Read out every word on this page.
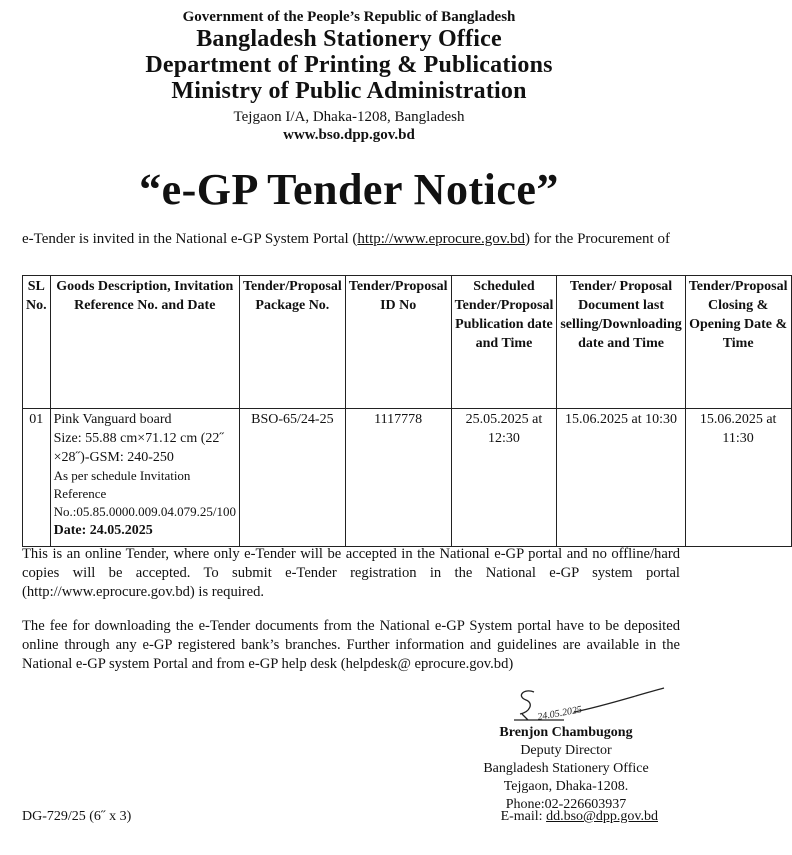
Government of the People’s Republic of Bangladesh
Bangladesh Stationery Office
Department of Printing & Publications
Ministry of Public Administration
Tejgaon I/A, Dhaka-1208, Bangladesh
www.bso.dpp.gov.bd
“e-GP Tender Notice”
e-Tender is invited in the National e-GP System Portal (http://www.eprocure.gov.bd) for the Procurement of
SL No.	Goods Description, Invitation Reference No. and Date	Tender/Proposal Package No.	Tender/Proposal ID No	Scheduled Tender/Proposal Publication date and Time	Tender/ Proposal Document last selling/Downloading date and Time	Tender/Proposal Closing & Opening Date & Time
01	Pink Vanguard board
Size: 55.88 cm×71.12 cm (22˝ ×28˝)-GSM: 240-250
As per schedule Invitation Reference No.:05.85.0000.009.04.079.25/100
Date: 24.05.2025	BSO-65/24-25	1117778	25.05.2025 at 12:30	15.06.2025 at 10:30	15.06.2025 at 11:30
This is an online Tender, where only e-Tender will be accepted in the National e-GP portal and no offline/hard copies will be accepted. To submit e-Tender registration in the National e-GP system portal (http://www.eprocure.gov.bd) is required.
The fee for downloading the e-Tender documents from the National e-GP System portal have to be deposited online through any e-GP registered bank’s branches. Further information and guidelines are available in the National e-GP system Portal and from e-GP help desk (helpdesk@ eprocure.gov.bd)
24.05.2025
Brenjon Chambugong
Deputy Director
Bangladesh Stationery Office
Tejgaon, Dhaka-1208.
Phone:02-226603937
E-mail: dd.bso@dpp.gov.bd
DG-729/25 (6˝ x 3)
